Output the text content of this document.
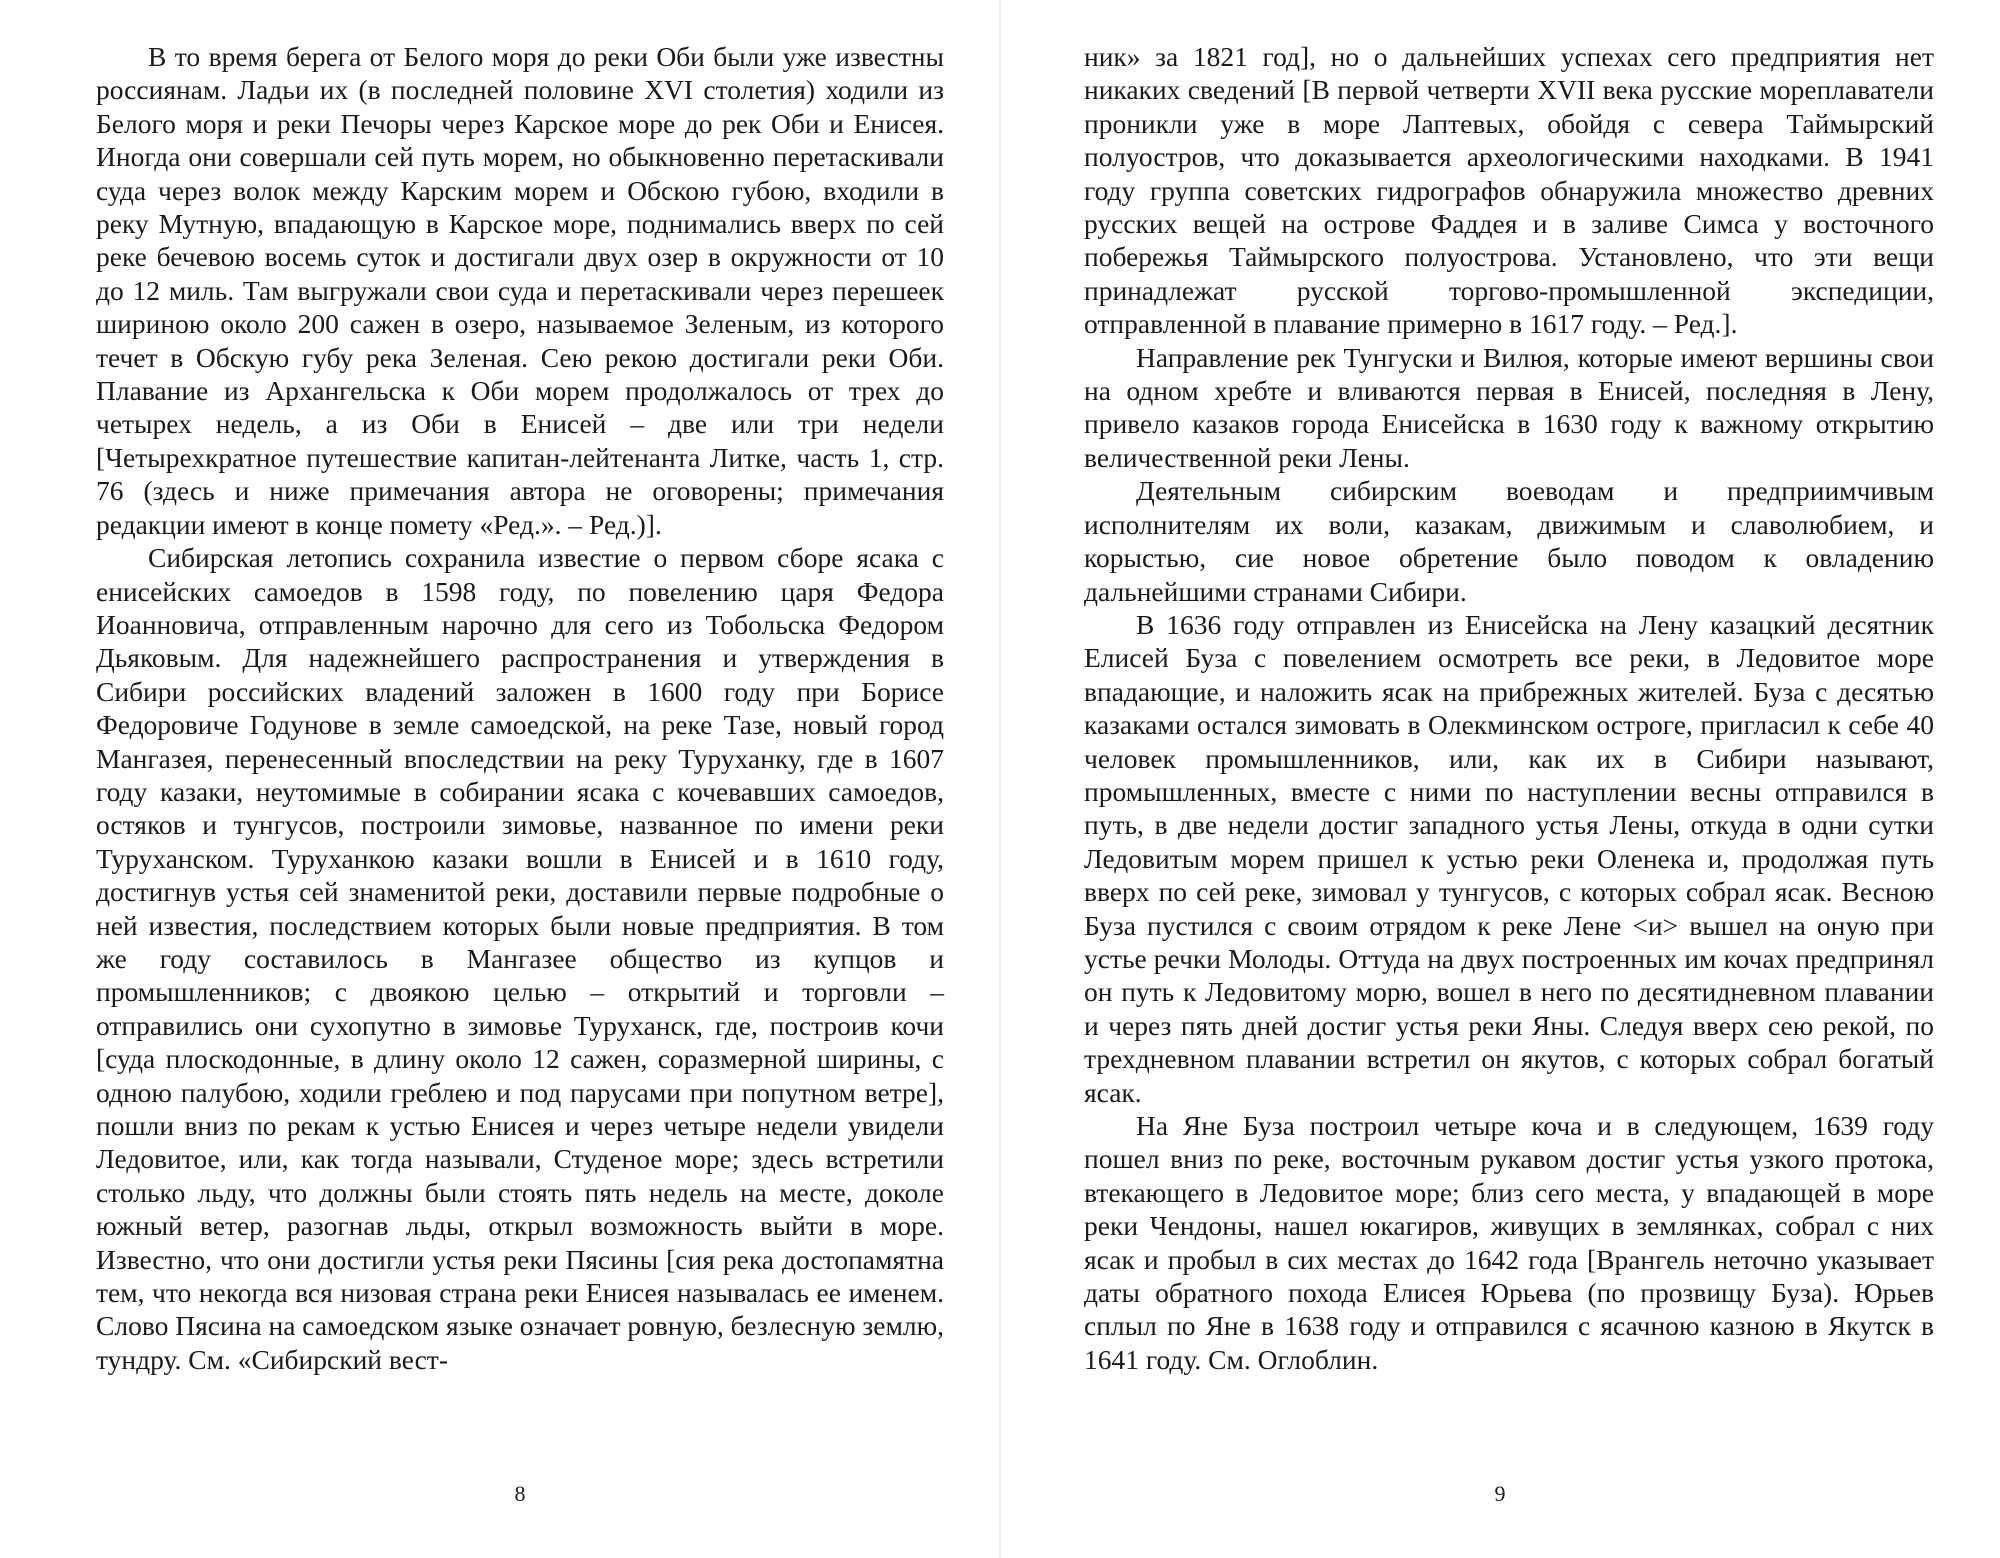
В то время берега от Белого моря до реки Оби были уже известны россиянам. Ладьи их (в последней половине XVI столетия) ходили из Белого моря и реки Печоры через Карское море до рек Оби и Енисея. Иногда они совершали сей путь морем, но обыкновенно перетаскивали суда через волок между Карским морем и Обскою губою, входили в реку Мутную, впадающую в Карское море, поднимались вверх по сей реке бечевою восемь суток и достигали двух озер в окружности от 10 до 12 миль. Там выгружали свои суда и перетаскивали через перешеек шириною около 200 сажен в озеро, называемое Зеленым, из которого течет в Обскую губу река Зеленая. Сею рекою достигали реки Оби. Плавание из Архангельска к Оби морем продолжалось от трех до четырех недель, а из Оби в Енисей – две или три недели [Четырехкратное путешествие капитан-лейтенанта Литке, часть 1, стр. 76 (здесь и ниже примечания автора не оговорены; примечания редакции имеют в конце помету «Ред.». – Ред.)].

Сибирская летопись сохранила известие о первом сборе ясака с енисейских самоедов в 1598 году, по повелению царя Федора Иоанновича, отправленным нарочно для сего из Тобольска Федором Дьяковым. Для надежнейшего распространения и утверждения в Сибири российских владений заложен в 1600 году при Борисе Федоровиче Годунове в земле самоедской, на реке Тазе, новый город Мангазея, перенесенный впоследствии на реку Туруханку, где в 1607 году казаки, неутомимые в собирании ясака с кочевавших самоедов, остяков и тунгусов, построили зимовье, названное по имени реки Туруханском. Туруханкою казаки вошли в Енисей и в 1610 году, достигнув устья сей знаменитой реки, доставили первые подробные о ней известия, последствием которых были новые предприятия. В том же году составилось в Мангазее общество из купцов и промышленников; с двоякою целью – открытий и торговли – отправились они сухопутно в зимовье Туруханск, где, построив кочи [суда плоскодонные, в длину около 12 сажен, соразмерной ширины, с одною палубою, ходили греблею и под парусами при попутном ветре], пошли вниз по рекам к устью Енисея и через четыре недели увидели Ледовитое, или, как тогда называли, Студеное море; здесь встретили столько льду, что должны были стоять пять недель на месте, доколе южный ветер, разогнав льды, открыл возможность выйти в море. Известно, что они достигли устья реки Пясины [сия река достопамятна тем, что некогда вся низовая страна реки Енисея называлась ее именем. Слово Пясина на самоедском языке означает ровную, безлесную землю, тундру. См. «Сибирский вест-

8

ник» за 1821 год], но о дальнейших успехах сего предприятия нет никаких сведений [В первой четверти XVII века русские мореплаватели проникли уже в море Лаптевых, обойдя с севера Таймырский полуостров, что доказывается археологическими находками. В 1941 году группа советских гидрографов обнаружила множество древних русских вещей на острове Фаддея и в заливе Симса у восточного побережья Таймырского полуострова. Установлено, что эти вещи принадлежат русской торгово-промышленной экспедиции, отправленной в плавание примерно в 1617 году. – Ред.].

Направление рек Тунгуски и Вилюя, которые имеют вершины свои на одном хребте и вливаются первая в Енисей, последняя в Лену, привело казаков города Енисейска в 1630 году к важному открытию величественной реки Лены.

Деятельным сибирским воеводам и предприимчивым исполнителям их воли, казакам, движимым и славолюбием, и корыстью, сие новое обретение было поводом к овладению дальнейшими странами Сибири.

В 1636 году отправлен из Енисейска на Лену казацкий десятник Елисей Буза с повелением осмотреть все реки, в Ледовитое море впадающие, и наложить ясак на прибрежных жителей. Буза с десятью казаками остался зимовать в Олекминском остроге, пригласил к себе 40 человек промышленников, или, как их в Сибири называют, промышленных, вместе с ними по наступлении весны отправился в путь, в две недели достиг западного устья Лены, откуда в одни сутки Ледовитым морем пришел к устью реки Оленека и, продолжая путь вверх по сей реке, зимовал у тунгусов, с которых собрал ясак. Весною Буза пустился с своим отрядом к реке Лене <и> вышел на оную при устье речки Молоды. Оттуда на двух построенных им кочах предпринял он путь к Ледовитому морю, вошел в него по десятидневном плавании и через пять дней достиг устья реки Яны. Следуя вверх сею рекой, по трехдневном плавании встретил он якутов, с которых собрал богатый ясак.

На Яне Буза построил четыре коча и в следующем, 1639 году пошел вниз по реке, восточным рукавом достиг устья узкого протока, втекающего в Ледовитое море; близ сего места, у впадающей в море реки Чендоны, нашел юкагиров, живущих в землянках, собрал с них ясак и пробыл в сих местах до 1642 года [Врангель неточно указывает даты обратного похода Елисея Юрьева (по прозвищу Буза). Юрьев сплыл по Яне в 1638 году и отправился с ясачною казною в Якутск в 1641 году. См. Оглоблин.

9
